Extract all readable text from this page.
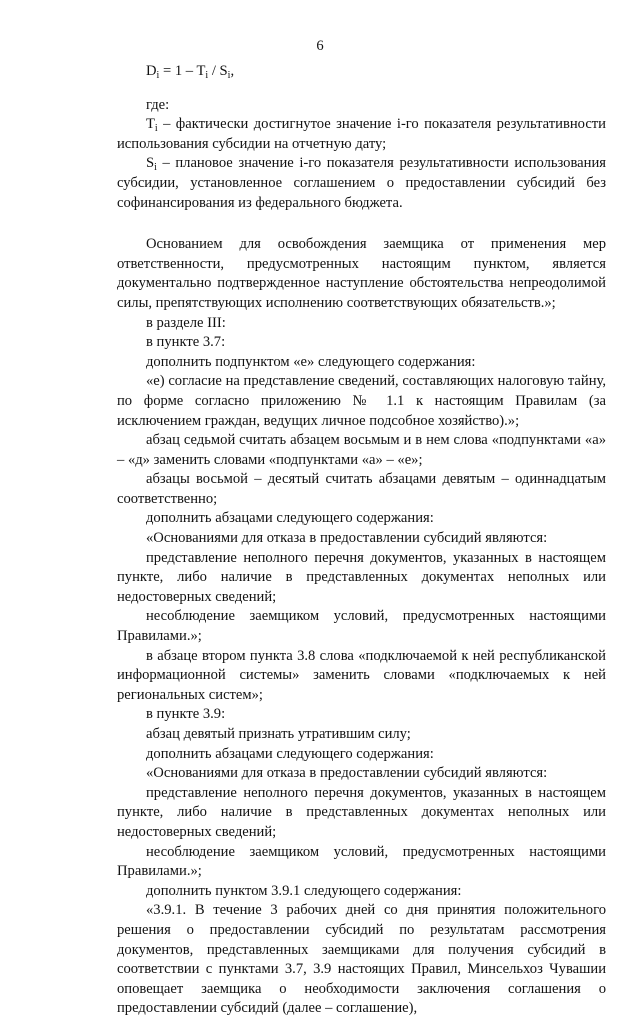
6
$D_i = 1 - T_i / S_i$,

где:

$T_i$ – фактически достигнутое значение i-го показателя результативности использования субсидии на отчетную дату;

$S_i$ – плановое значение i-го показателя результативности использования субсидии, установленное соглашением о предоставлении субсидий без софинансирования из федерального бюджета.

Основанием для освобождения заемщика от применения мер ответственности, предусмотренных настоящим пунктом, является документально подтвержденное наступление обстоятельства непреодолимой силы, препятствующих исполнению соответствующих обязательств.»;

в разделе III:

в пункте 3.7:

дополнить подпунктом «е» следующего содержания:

«е) согласие на представление сведений, составляющих налоговую тайну, по форме согласно приложению № 1.1 к настоящим Правилам (за исключением граждан, ведущих личное подсобное хозяйство).»;

абзац седьмой считать абзацем восьмым и в нем слова «подпунктами «а» – «д» заменить словами «подпунктами «а» – «е»;

абзацы восьмой – десятый считать абзацами девятым – одиннадцатым соответственно;

дополнить абзацами следующего содержания:

«Основаниями для отказа в предоставлении субсидий являются:

представление неполного перечня документов, указанных в настоящем пункте, либо наличие в представленных документах неполных или недостоверных сведений;

несоблюдение заемщиком условий, предусмотренных настоящими Правилами.»;

в абзаце втором пункта 3.8 слова «подключаемой к ней республиканской информационной системы» заменить словами «подключаемых к ней региональных систем»;

в пункте 3.9:

абзац девятый признать утратившим силу;

дополнить абзацами следующего содержания:

«Основаниями для отказа в предоставлении субсидий являются:

представление неполного перечня документов, указанных в настоящем пункте, либо наличие в представленных документах неполных или недостоверных сведений;

несоблюдение заемщиком условий, предусмотренных настоящими Правилами.»;

дополнить пунктом 3.9.1 следующего содержания:

«3.9.1. В течение 3 рабочих дней со дня принятия положительного решения о предоставлении субсидий по результатам рассмотрения документов, представленных заемщиками для получения субсидий в соответствии с пунктами 3.7, 3.9 настоящих Правил, Минсельхоз Чувашии оповещает заемщика о необходимости заключения соглашения о предоставлении субсидий (далее – соглашение),
